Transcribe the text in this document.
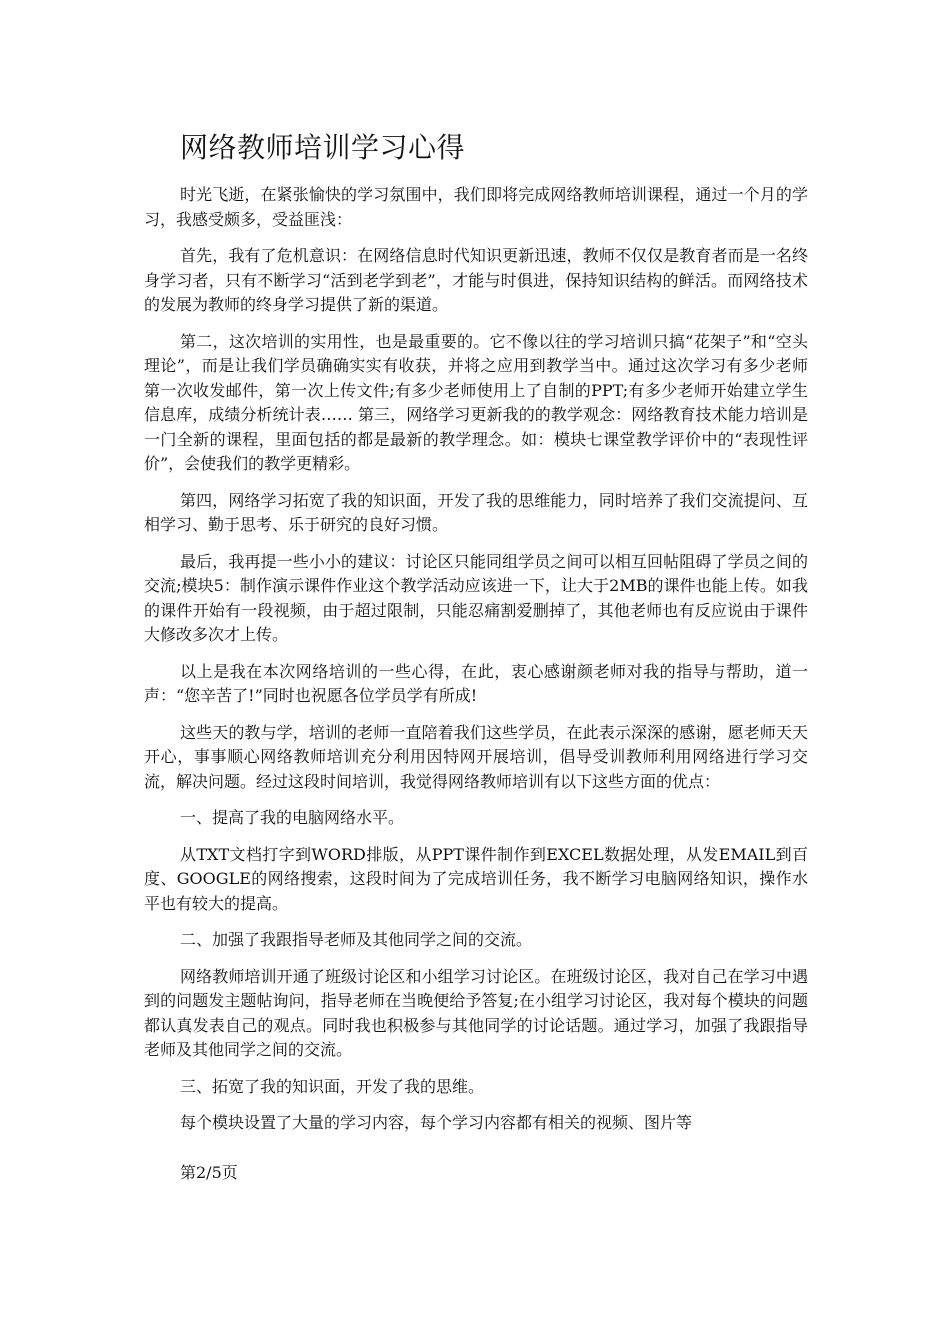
网络教师培训学习心得

时光飞逝，在紧张愉快的学习氛围中，我们即将完成网络教师培训课程，通过一个月的学习，我感受颇多，受益匪浅：

首先，我有了危机意识：在网络信息时代知识更新迅速，教师不仅仅是教育者而是一名终身学习者，只有不断学习“活到老学到老”，才能与时俱进，保持知识结构的鲜活。而网络技术的发展为教师的终身学习提供了新的渠道。

第二，这次培训的实用性，也是最重要的。它不像以往的学习培训只搞“花架子”和“空头理论”，而是让我们学员确确实实有收获，并将之应用到教学当中。通过这次学习有多少老师第一次收发邮件，第一次上传文件;有多少老师使用上了自制的PPT;有多少老师开始建立学生信息库，成绩分析统计表…… 第三，网络学习更新我的的教学观念：网络教育技术能力培训是一门全新的课程，里面包括的都是最新的教学理念。如：模块七课堂教学评价中的“表现性评价”，会使我们的教学更精彩。

第四，网络学习拓宽了我的知识面，开发了我的思维能力，同时培养了我们交流提问、互相学习、勤于思考、乐于研究的良好习惯。

最后，我再提一些小小的建议：讨论区只能同组学员之间可以相互回帖阻碍了学员之间的交流;模块5：制作演示课件作业这个教学活动应该进一下，让大于2MB的课件也能上传。如我的课件开始有一段视频，由于超过限制，只能忍痛割爱删掉了，其他老师也有反应说由于课件大修改多次才上传。

以上是我在本次网络培训的一些心得，在此，衷心感谢颜老师对我的指导与帮助，道一声：“您辛苦了!”同时也祝愿各位学员学有所成!

这些天的教与学，培训的老师一直陪着我们这些学员，在此表示深深的感谢，愿老师天天开心，事事顺心网络教师培训充分利用因特网开展培训，倡导受训教师利用网络进行学习交流，解决问题。经过这段时间培训，我觉得网络教师培训有以下这些方面的优点：

一、提高了我的电脑网络水平。

从TXT文档打字到WORD排版，从PPT课件制作到EXCEL数据处理，从发EMAIL到百度、GOOGLE的网络搜索，这段时间为了完成培训任务，我不断学习电脑网络知识，操作水平也有较大的提高。

二、加强了我跟指导老师及其他同学之间的交流。

网络教师培训开通了班级讨论区和小组学习讨论区。在班级讨论区，我对自己在学习中遇到的问题发主题帖询问，指导老师在当晚便给予答复;在小组学习讨论区，我对每个模块的问题都认真发表自己的观点。同时我也积极参与其他同学的讨论话题。通过学习，加强了我跟指导老师及其他同学之间的交流。

三、拓宽了我的知识面，开发了我的思维。

每个模块设置了大量的学习内容，每个学习内容都有相关的视频、图片等

第2/5页
